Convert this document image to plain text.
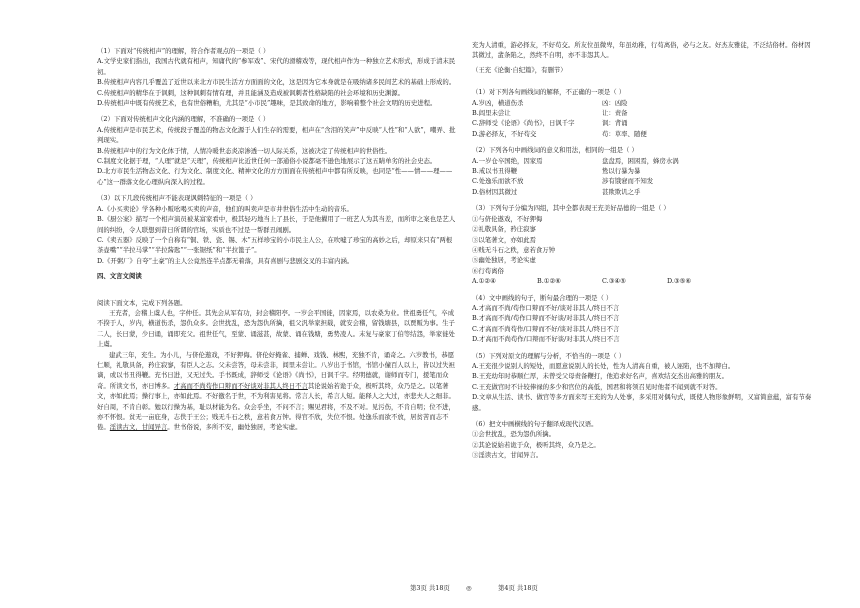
（1）下面对“传统相声”的理解，符合作者观点的一项是（ ）

A.文学史家们指出，我国古代就有相声，知庸代的“参军戏”、宋代的滑稽戏等，现代相声作为一种独立艺术形式，形成于清末民初。

B.传统相声内容几乎覆盖了近世以来北方市民生活方方面面的文化，这是因为它本身就是在吸纳诸多民间艺术的基础上形成的。

C.传统相声的精华在于讽刺，这种讽刺有情有理，并且能涵及造成被讽刺者性格缺陷的社会环境和历史渊源。

D.传统相声中既有传统艺术，也有世俗糟粕，尤其是“小市民”趣味，是其致命的地方，影响着整个社会文明的历史进程。

（2）下面对传统相声文化内涵的理解，不准确的一项是（ ）

A.传统相声是市民艺术，传统段子覆盖的物态文化源于人们生存的需要，相声在“含泪的笑声”中反映“人性”和“人欲”，嘲弄、批判现实。

B.传统相声中的行为文化体于情，人情冷暖世态炎凉渗透一切人际关系，这被决定了传统相声的世俗性。

C.制度文化据于理，“人理”就是“天理”，传统相声比近世任何一部通俗小说都毫不逊色地展示了这五睛单劣的社会史态。

D.北方市民生活物态文化、行为文化、制度文化、精神文化的方方面面在传统相声中都有所反映，也同是“性——情——理——心”这一群落文化心理纵向深入的过程。

（3）以下几段传统相声不能表现讽刺特征的一项是（ ）

A.《小买卖论》学各种小贩吆喝买卖的声音，他们的叫卖声是市井世俗生活中生动的音乐。

B.《厨公案》描写一个相声演员被某富家看中，极其轻巧地当上了县长，于是他擢用了一班艺人为其当差，而所审之案也是艺人间的纠纷，令人联想到昔日所谓的官场，实质也不过是一帮群丑闹剧。

C.《卖五器》反映了一个自称有“铜、铁、瓷、锡、木”五样珍宝的小市民主人公，在吹嘘了珍宝的高妙之后，却原来只有“两根茶壶嘴”“半拉马掌”“半拉酱匙”“一张锯纸”和“半拉篦子”。

D.《开粥厂》自夸“土豪”的主人公竟然连半点都无着落，具有喜剧与悲剧交叉的丰富内涵。

四、文言文阅读

阅读下面文本，完成下列各题。

王充者，会稽上虞人也，字仲任。其先会从军有功，封会稽阳亭。一岁会平国徙，因家焉，以农桑为业。世祖勇任气，卒成不揆于人，岁内，横道伤杀，怨仇众多。会世扰乱，恐为怨仇所擒，祖父汎举家担载，就安会稽，留钱塘县，以贾贩为事。生子二人，长曰蒙，少曰诵，诵即充父。祖世任气，至蒙、诵滋甚，故蒙、诵在钱塘，勇势凌人。末复与豪家丁伯等结怨，举家徙处上虞。

建武三年，充生。为小儿，与侪伦遨戏，不好狎侮。侪伦好掩雀、捕蝉、戏钱、林熙，充独不肯，诵奇之。六岁教书，恭愿仁顺，礼敬具备，矜庄寂寥，有臣人之志。父未尝答，母未尝非，闾里未尝让。八岁出于书馆，书馆小僮百人以上，皆以过失袒谪，或以书丑得鞭。充书日进，又无过失。手书既成，辞师受《论语》《尚书》，日讽千字。经明德就，谢师而专门，援笔而众奇。所读文书，亦日博多。才高而不尚苟作口辩而不好谈对非其人终日不言其论说始若诡于众，极听其终，众乃是之。以笔著文，亦如此焉；操行事上，亦如此焉。不好徼名于世，不为利害见将。常言人长，希言人短。能释人之大过，亦悲夫人之细非。好自周，不肯自彰。勉以行操为基，耻以材能为名。众会乎坐，不问不言；赐见君将，不及不对。见污伤，不肯自明；位不进，亦不怀恨。贫无一亩庇身，志佚于王公；贱无斗石之秩，意若食万钟。得官不欣，失位不恨。处逸乐而欲不放，居贫苦而志不倦。淫读古文，甘闻异言。世书俗说，多所不安，幽处独居，考论实虚。

充为人清重，游必择友，不好苟交。所友位虽微卑，年虽幼稚，行苟离俗，必与之友。好杰友雅徒，不泛结俗材。俗材因其微过，蜚条陷之，然终不自明，亦不非怨其人。

（王充《论衡·自纪篇》，有删节）

（1）对下列各句画线词的解释，不正确的一项是（ ）

A.岁凶，横道伤杀	凶：凶险
B.闾里未尝让	让：责备
C.辞师受《论语》《尚书》，日讽千字	讽：背诵
D.游必择友，不好苟交	苟：草率、随便

（2）下列各句中画线词的意义和用法，相同的一组是（ ）

A.一岁仓卒国绝，因家焉	盘盘焉，困困焉，蜂房水涡
B.戒以书丑得鞭	鸷以行暴为暴
C.处逸乐而欲不放	涉有饿窘而不知发
D.俗材因其微过	甚欺欺讥之乎

（3）下列句子分编为四组，其中全都表现王充美好品德的一组是（ ）

①与侪伦遨戏，不好狎侮

②礼敬具备，矜庄寂寥

③以笔著文，亦如此焉

④贱无斗石之秩，意若食万钟

⑤幽处独居，考论实虚

⑥行苟离俗

A.①②④	B.①②⑥	C.③④⑤	D.③⑤⑥

（4）文中画线的句子，断句最合理的一项是（ ）

A.才高而不尚/苟作口辩而不好/谈对非其人/终日不言

B.才高而不尚/苟作口辩而不好谈/对非其人/终日不言

C.才高而不尚苟作/口辩而不好/谈对非其人/终日不言

D.才高而不尚苟作/口辩而不好谈/对非其人/终日不言

（5）下列对原文的理解与分析，不恰当的一项是（ ）

A.王充很少说别人的短处，而愿意说别人的长处，性为人清高自重，被人诬陷，也不加辩白。

B.王充幼年时恭顺仁厚，未曾受父母责备鞭打，他追求好名声，喜欢结交杰出高雅的朋友。

C.王充做官时不计较俸禄的多少和官位的高低，国君和将领召见时他者不闻到就不对答。

D.文章从生活、读书、做官等多方面来写王充的为人处事，多采用对偶句式，既使人物形象鲜明，又富简意蕴，富有节奏感。

（6）把文中画横线的句子翻译成现代汉语。

①会世扰乱，恐为怨仇所擒。

②其论说始若诡于众，极听其终，众乃是之。

③淫读古文，甘闻异言。

第3页 共18页	◎	第4页 共18页
